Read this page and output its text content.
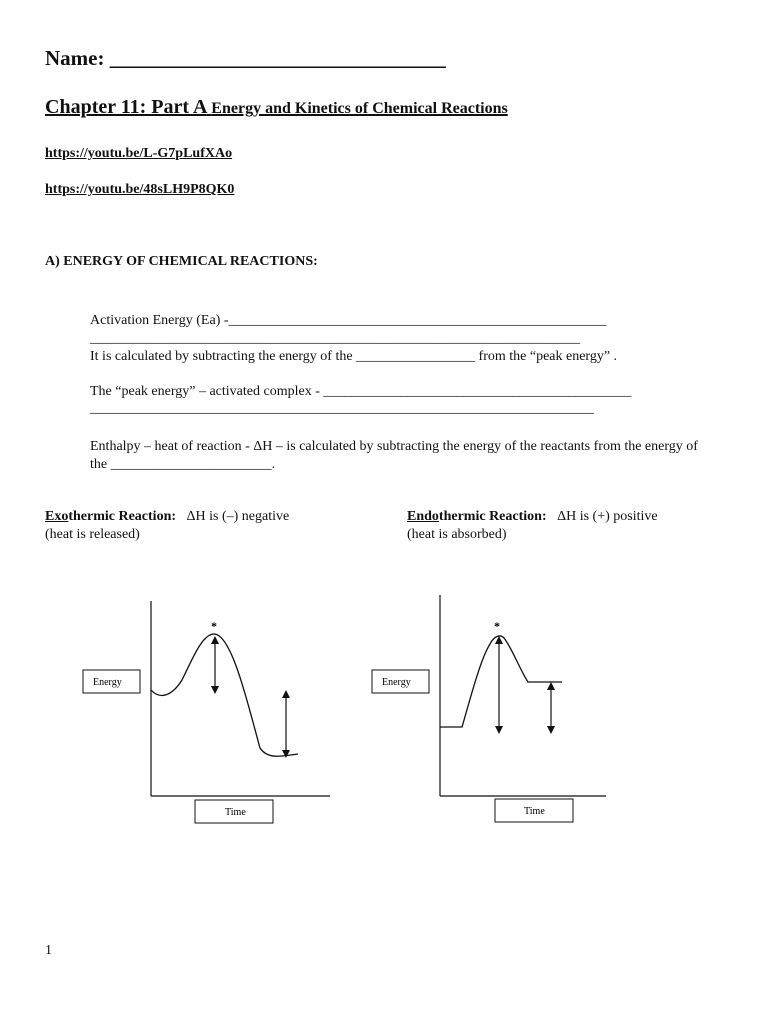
Name: ________________________________
Chapter 11: Part A Energy and Kinetics of Chemical Reactions
https://youtu.be/L-G7pLufXAo
https://youtu.be/48sLH9P8QK0
A) ENERGY OF CHEMICAL REACTIONS:
Activation Energy (Ea) -______________________________________________________
______________________________________________________________________
It is calculated by subtracting the energy of the _________________ from the “peak energy” .
The “peak energy” – activated complex - ____________________________________________
________________________________________________________________________
Enthalpy – heat of reaction - ΔH – is calculated by subtracting the energy of the reactants from the energy of the _______________________.
Exothermic Reaction: ΔH is (–) negative
(heat is released)
Endothermic Reaction: ΔH is (+) positive
(heat is absorbed)
*
Energy
Time
*
Energy
Time
1
